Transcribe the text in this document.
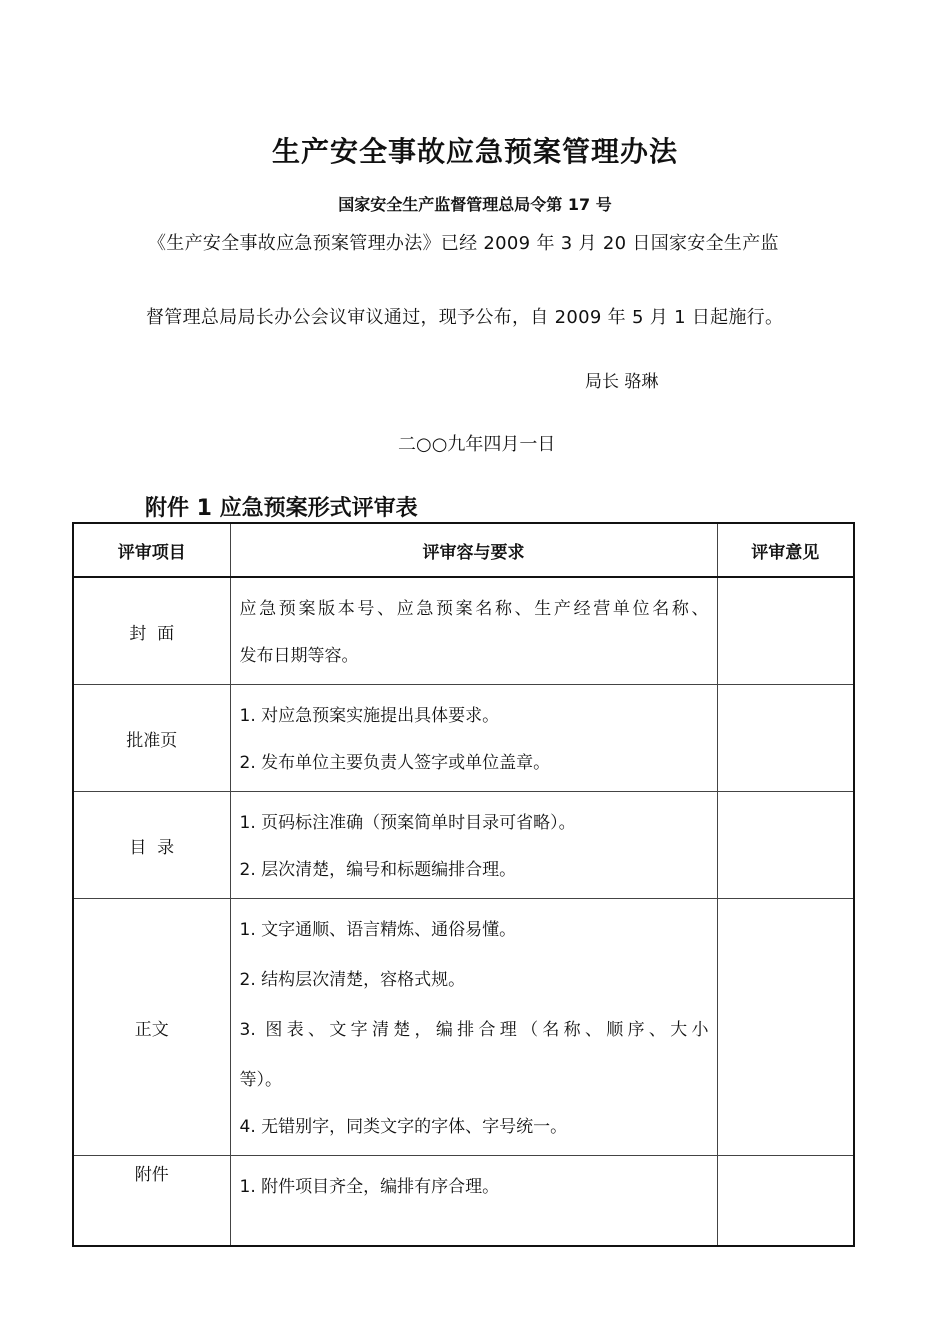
生产安全事故应急预案管理办法
国家安全生产监督管理总局令第 17 号
《生产安全事故应急预案管理办法》已经 2009 年 3 月 20 日国家安全生产监
督管理总局局长办公会议审议通过，现予公布，自 2009 年 5 月 1 日起施行。
局长 骆琳
二○○九年四月一日
附件 1 应急预案形式评审表
评审项目	评审容与要求	评审意见
封  面	应急预案版本号、应急预案名称、生产经营单位名称、
发布日期等容。	

批准页	1. 对应急预案实施提出具体要求。
2. 发布单位主要负责人签字或单位盖章。	

目  录	1. 页码标注准确（预案简单时目录可省略）。
2. 层次清楚，编号和标题编排合理。	

正文	1. 文字通顺、语言精炼、通俗易懂。
2. 结构层次清楚，容格式规。
3. 图表、文字清楚，编排合理（名称、顺序、大小
等）。
4. 无错别字，同类文字的字体、字号统一。	

附件	1. 附件项目齐全，编排有序合理。	
